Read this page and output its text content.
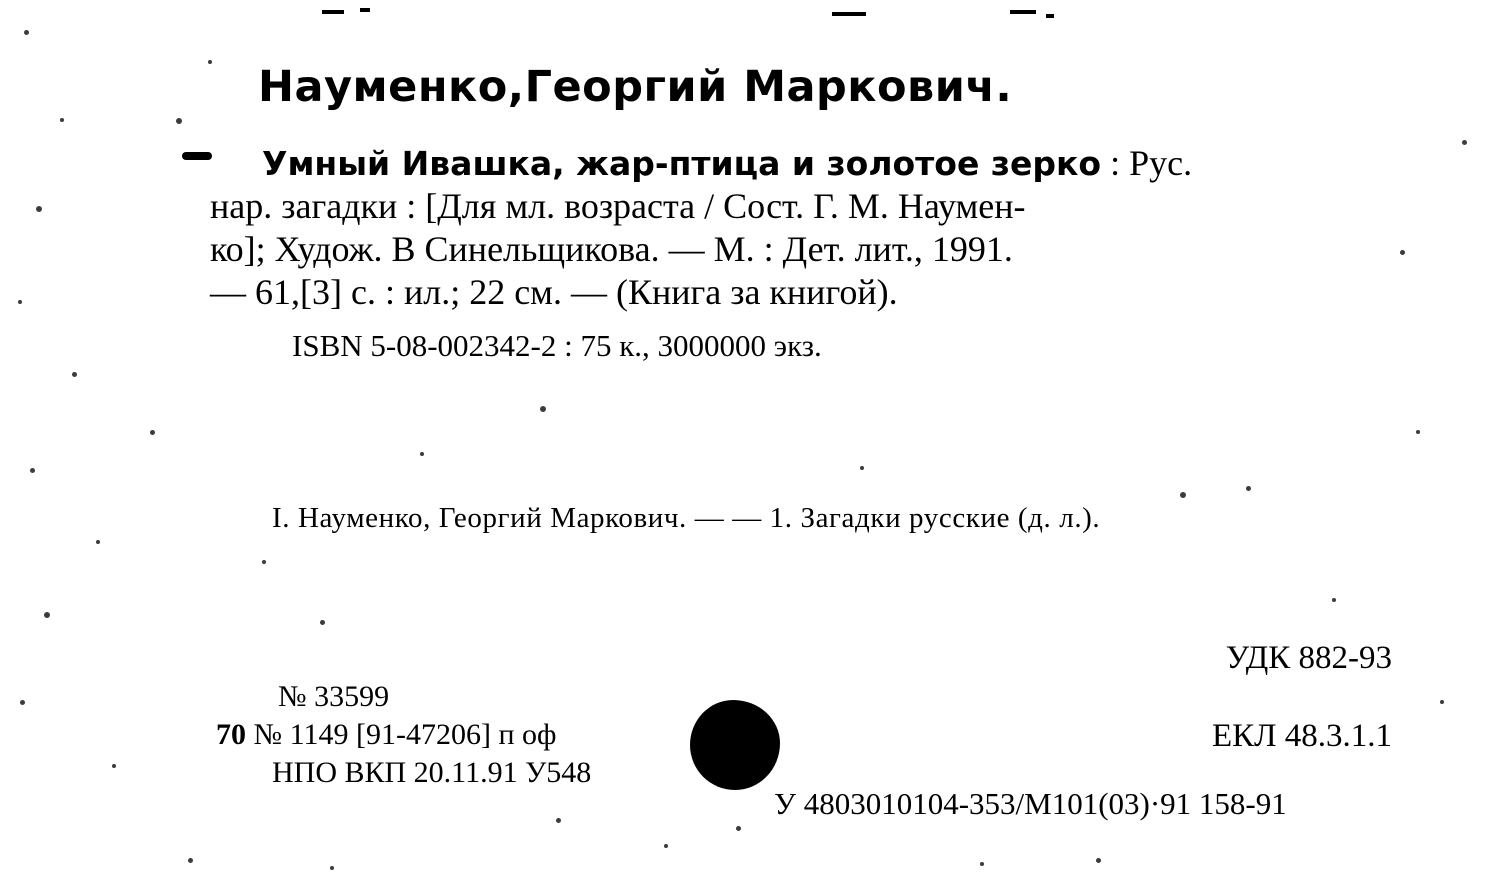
Науменко,Георгий Маркович.
Умный Ивашка, жар-птица и золотое зерко : Рус.
нар. загадки : [Для мл. возраста / Сост. Г. М. Наумен-
ко]; Худож. В Синельщикова. — М. : Дет. лит., 1991.
— 61,[3] с. : ил.; 22 см. — (Книга за книгой).
ISBN 5-08-002342-2 : 75 к., 3000000 экз.
I. Науменко, Георгий Маркович. — — 1. Загадки русские (д. л.).
УДК 882-93
ЕКЛ 48.3.1.1
№ 33599
70 № 1149 [91-47206] п оф
НПО ВКП 20.11.91 У548
У 4803010104-353/М101(03)·91 158-91
